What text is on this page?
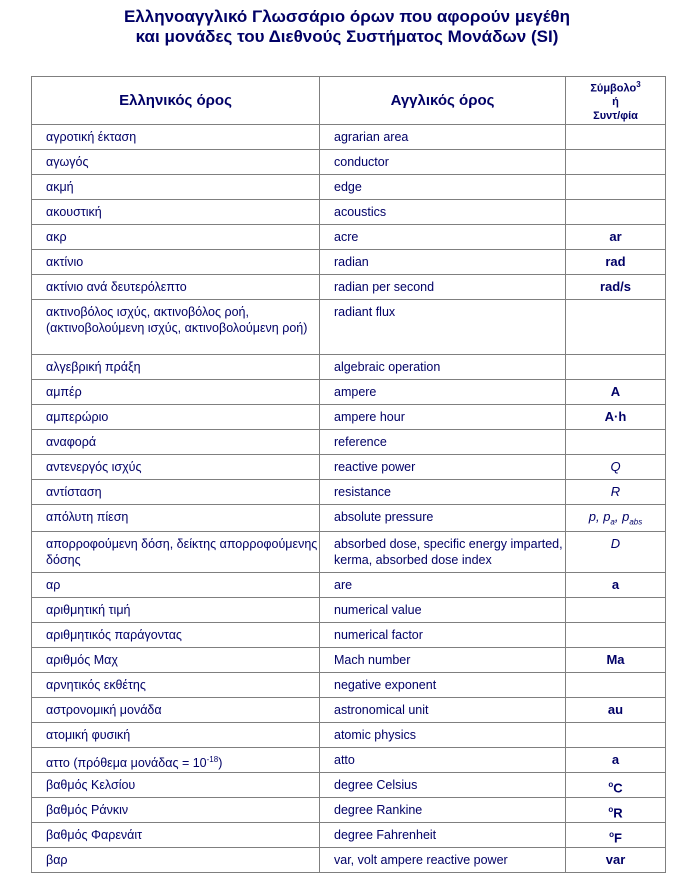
Ελληνοαγγλικό Γλωσσάριο όρων που αφορούν μεγέθη
και μονάδες του Διεθνούς Συστήματος Μονάδων (SI)
Ελληνικός όρος	Αγγλικός όρος	Σύμβολο$^3$
ή
Συντ/φία
αγροτική έκταση	agrarian area	
αγωγός	conductor	
ακμή	edge	
ακουστική	acoustics	
ακρ	acre	ar
ακτίνιο	radian	rad
ακτίνιο ανά δευτερόλεπτο	radian per second	rad/s
ακτινοβόλος ισχύς, ακτινοβόλος ροή, (ακτινοβολούμενη ισχύς, ακτινοβολούμενη ροή)	radiant flux	
αλγεβρική πράξη	algebraic operation	
αμπέρ	ampere	A
αμπερώριο	ampere hour	A·h
αναφορά	reference	
αντενεργός ισχύς	reactive power	Q
αντίσταση	resistance	R
απόλυτη πίεση	absolute pressure	p, $p_a$, $p_{abs}$
απορροφούμενη δόση, δείκτης απορροφούμενης δόσης	absorbed dose, specific energy imparted, kerma, absorbed dose index	D
αρ	are	a
αριθμητική τιμή	numerical value	
αριθμητικός παράγοντας	numerical factor	
αριθμός Μαχ	Mach number	Ma
αρνητικός εκθέτης	negative exponent	
αστρονομική μονάδα	astronomical unit	au
ατομική φυσική	atomic physics	
αττο (πρόθεμα $\mu o\nu ά\delta\alpha\varsigma = 10^{-18}$)	atto	a
βαθμός Κελσίου	degree Celsius	$^o$C
βαθμός Ράνκιν	degree Rankine	$^o$R
βαθμός Φαρενάιτ	degree Fahrenheit	$^o$F
βαρ	var, volt ampere reactive power	var
